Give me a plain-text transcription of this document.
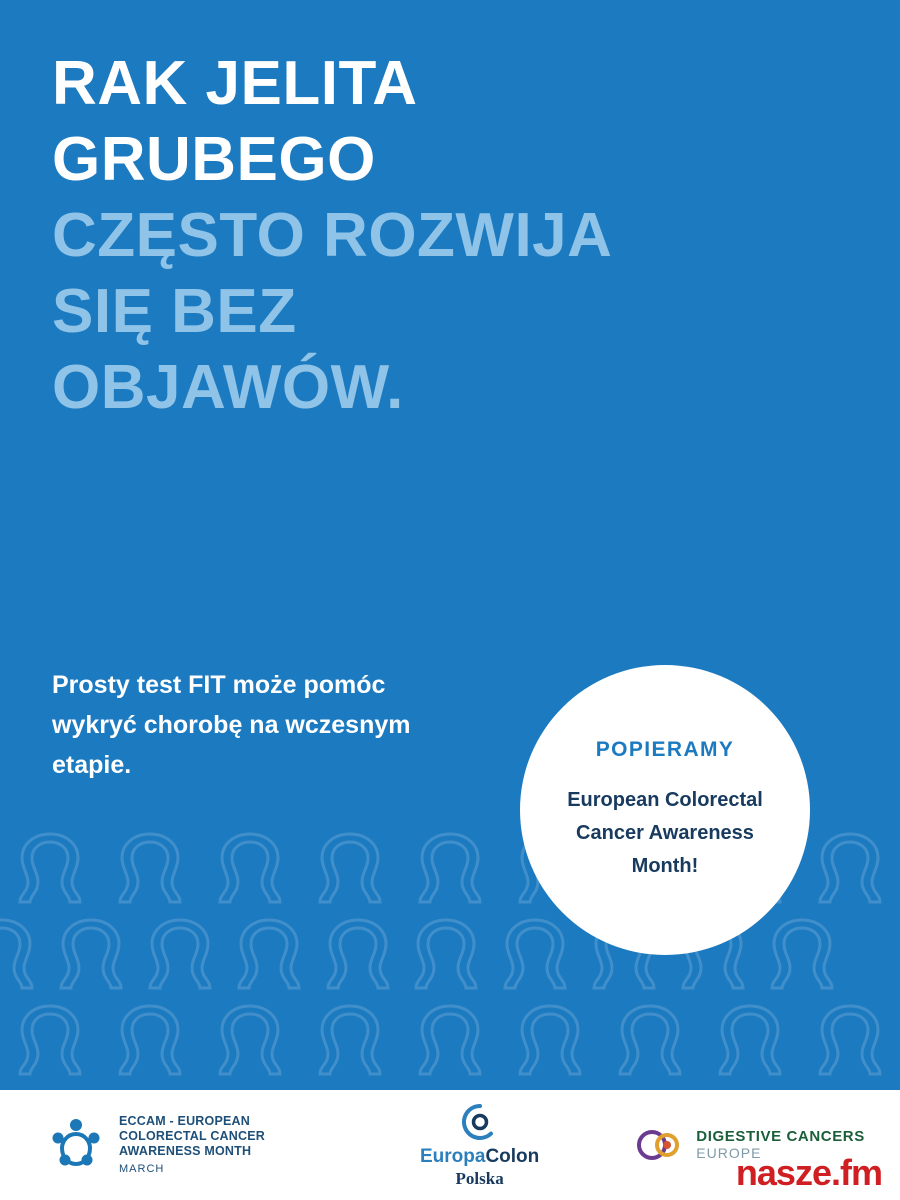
RAK JELITA
GRUBEGO
CZĘSTO ROZWIJA
SIĘ BEZ
OBJAWÓW.
Prosty test FIT może pomóc wykryć chorobę na wczesnym etapie.
POPIERAMY
European Colorectal Cancer Awareness Month!
ECCAM - EUROPEAN
COLORECTAL CANCER
AWARENESS MONTH
MARCH
EuropaColon
Polska
DIGESTIVE CANCERS
EUROPE
nasze.fm
